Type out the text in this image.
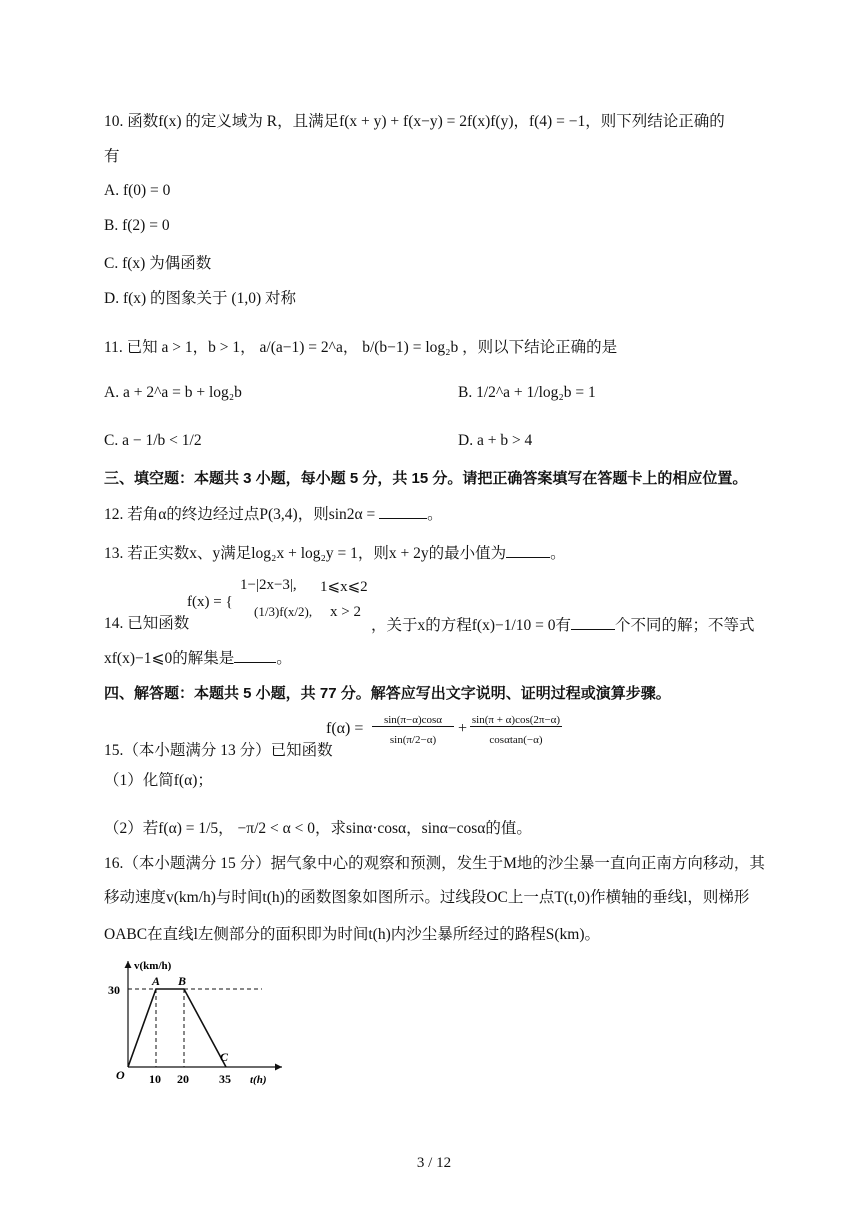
10. 函数f(x) 的定义域为 R，且满足f(x + y) + f(x−y) = 2f(x)f(y)，f(4) = −1，则下列结论正确的
有
A. f(0) = 0
B. f(2) = 0
C. f(x) 为偶函数
D. f(x) 的图象关于 (1,0) 对称
11. 已知 a > 1，b > 1， a/(a−1) = 2^a， b/(b−1) = log₂b ，则以下结论正确的是
A. a + 2^a = b + log₂b	B. 1/2^a + 1/log₂b = 1
C. a − 1/b < 1/2	D. a + b > 4
三、填空题：本题共 3 小题，每小题 5 分，共 15 分。请把正确答案填写在答题卡上的相应位置。
12. 若角α的终边经过点P(3,4)，则sin2α =	。
13. 若正实数x、y满足log₂x + log₂y = 1，则x + 2y的最小值为	。
f(x) = {
1−|2x−3|, 1⩽x⩽2
(1/3)f(x/2), x > 2
14. 已知函数	，关于x的方程f(x)−1/10 = 0有	个不同的解；不等式
xf(x)−1⩽0的解集是	。
四、解答题：本题共 5 小题，共 77 分。解答应写出文字说明、证明过程或演算步骤。
f(α) =	sin(π−α)cosα
sin(π/2−α)
+ sin(π + α)cos(2π−α)
cosαtan(−α)
15.（本小题满分 13 分）已知函数
（1）化简f(α)；
（2）若f(α) = 1/5， −π/2 < α < 0，求sinα·cosα，sinα−cosα的值。
16.（本小题满分 15 分）据气象中心的观察和预测，发生于M地的沙尘暴一直向正南方向移动，其
移动速度v(km/h)与时间t(h)的函数图象如图所示。过线段OC上一点T(t,0)作横轴的垂线l，则梯形
OABC在直线l左侧部分的面积即为时间t(h)内沙尘暴所经过的路程S(km)。
v(km/h)
t(h)
O
A B
C
10 20	35
30
3 / 12
